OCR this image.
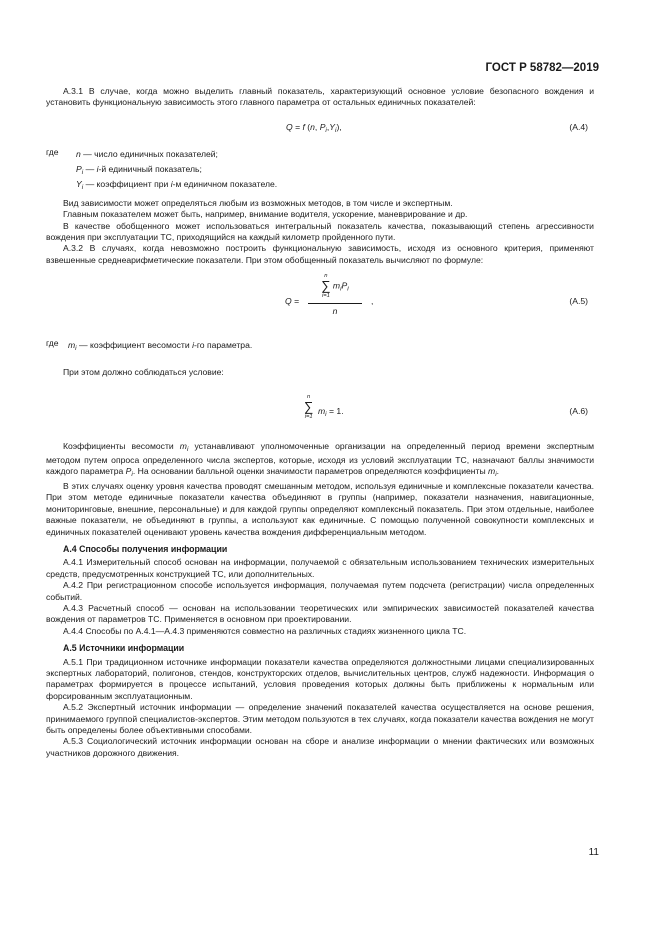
ГОСТ Р 58782—2019

А.3.1 В случае, когда можно выделить главный показатель, характеризующий основное условие безопасного вождения и установить функциональную зависимость этого главного параметра от остальных единичных показателей:

Q = f (n, $P_i,Y_i$),	(А.4)
где n — число единичных показателей;
$P_i$ — i-й единичный показатель;
$Y_i$ — коэффициент при i-м единичном показателе.

Вид зависимости может определяться любым из возможных методов, в том числе и экспертным.

Главным показателем может быть, например, внимание водителя, ускорение, маневрирование и др.

В качестве обобщенного может использоваться интегральный показатель качества, показывающий степень агрессивности вождения при эксплуатации ТС, приходящийся на каждый километр пройденного пути.

А.3.2 В случаях, когда невозможно построить функциональную зависимость, исходя из основного критерия, применяют взвешенные среднеарифметические показатели. При этом обобщенный показатель вычисляют по формуле:

Q =
n
∑
i=1
$m_iP_i$
n
,	(А.5)
где $m_i$ — коэффициент весомости i-го параметра.

При этом должно соблюдаться условие:

n
∑
i=1
$m_i = 1$.	(А.6)

Коэффициенты весомости $m_i$ устанавливают уполномоченные организации на определенный период времени экспертным методом путем опроса определенного числа экспертов, которые, исходя из условий эксплуатации ТС, назначают баллы значимости каждого параметра $P_i$. На основании балльной оценки значимости параметров определяются коэффициенты $m_i$.

В этих случаях оценку уровня качества проводят смешанным методом, используя единичные и комплексные показатели качества. При этом методе единичные показатели качества объединяют в группы (например, показатели назначения, навигационные, мониторинговые, внешние, персональные) и для каждой группы определяют комплексный показатель. При этом отдельные, наиболее важные показатели, не объединяют в группы, а используют как единичные. С помощью полученной совокупности комплексных и единичных показателей оценивают уровень качества вождения дифференциальным методом.

А.4 Способы получения информации

А.4.1 Измерительный способ основан на информации, получаемой с обязательным использованием технических измерительных средств, предусмотренных конструкцией ТС, или дополнительных.

А.4.2 При регистрационном способе используется информация, получаемая путем подсчета (регистрации) числа определенных событий.

А.4.3 Расчетный способ — основан на использовании теоретических или эмпирических зависимостей показателей качества вождения от параметров ТС. Применяется в основном при проектировании.

А.4.4 Способы по А.4.1—А.4.3 применяются совместно на различных стадиях жизненного цикла ТС.

А.5 Источники информации

А.5.1 При традиционном источнике информации показатели качества определяются должностными лицами специализированных экспертных лабораторий, полигонов, стендов, конструкторских отделов, вычислительных центров, служб надежности. Информация о параметрах формируется в процессе испытаний, условия проведения которых должны быть приближены к нормальным или форсированным эксплуатационным.

А.5.2 Экспертный источник информации — определение значений показателей качества осуществляется на основе решения, принимаемого группой специалистов-экспертов. Этим методом пользуются в тех случаях, когда показатели качества вождения не могут быть определены более объективными способами.

А.5.3 Социологический источник информации основан на сборе и анализе информации о мнении фактических или возможных участников дорожного движения.

11
